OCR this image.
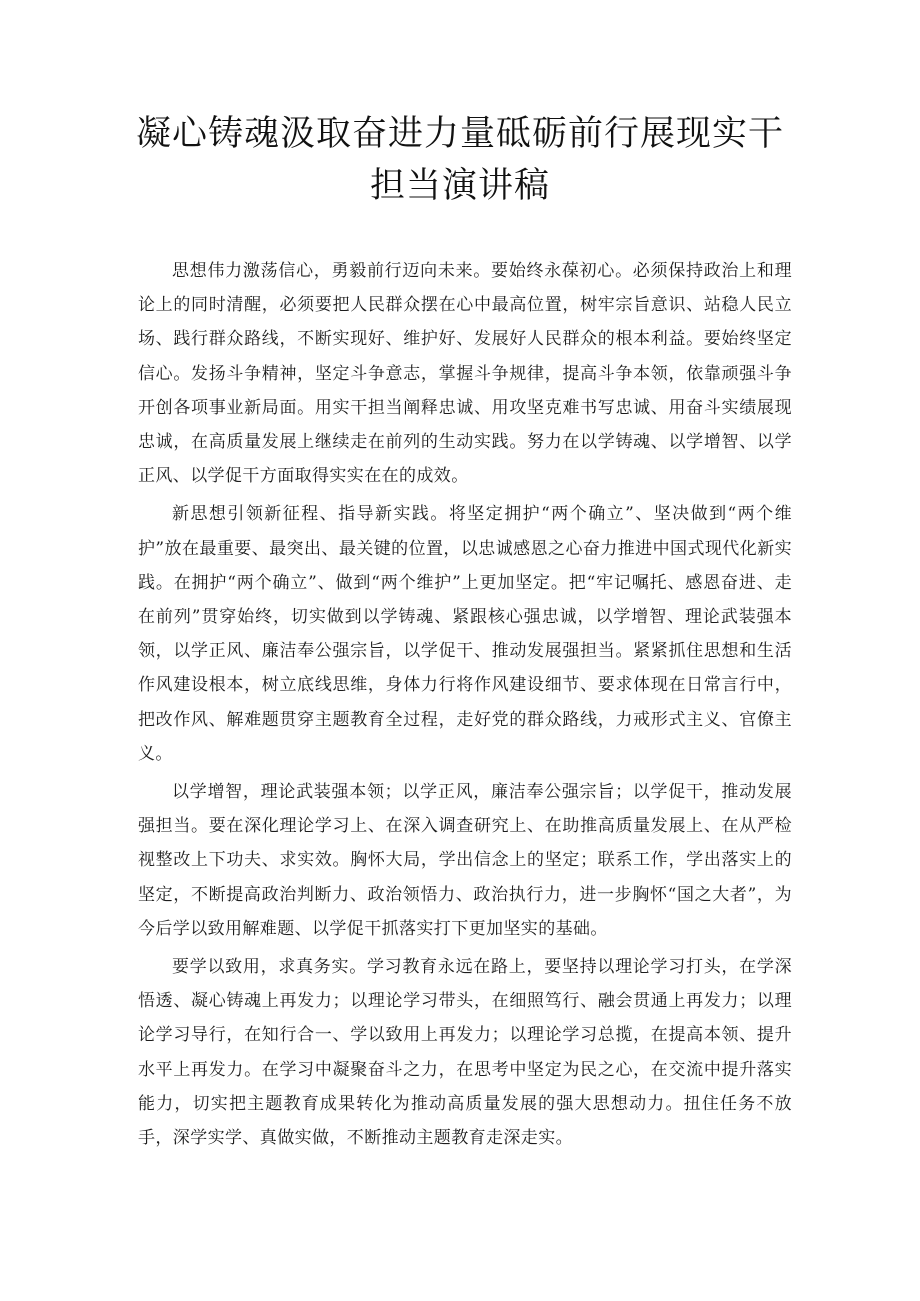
凝心铸魂汲取奋进力量砥砺前行展现实干
担当演讲稿

思想伟力激荡信心，勇毅前行迈向未来。要始终永葆初心。必须保持政治上和理论上的同时清醒，必须要把人民群众摆在心中最高位置，树牢宗旨意识、站稳人民立场、践行群众路线，不断实现好、维护好、发展好人民群众的根本利益。要始终坚定信心。发扬斗争精神，坚定斗争意志，掌握斗争规律，提高斗争本领，依靠顽强斗争开创各项事业新局面。用实干担当阐释忠诚、用攻坚克难书写忠诚、用奋斗实绩展现忠诚，在高质量发展上继续走在前列的生动实践。努力在以学铸魂、以学增智、以学正风、以学促干方面取得实实在在的成效。

新思想引领新征程、指导新实践。将坚定拥护“两个确立”、坚决做到“两个维护”放在最重要、最突出、最关键的位置，以忠诚感恩之心奋力推进中国式现代化新实践。在拥护“两个确立”、做到“两个维护”上更加坚定。把“牢记嘱托、感恩奋进、走在前列”贯穿始终，切实做到以学铸魂、紧跟核心强忠诚，以学增智、理论武装强本领，以学正风、廉洁奉公强宗旨，以学促干、推动发展强担当。紧紧抓住思想和生活作风建设根本，树立底线思维，身体力行将作风建设细节、要求体现在日常言行中，把改作风、解难题贯穿主题教育全过程，走好党的群众路线，力戒形式主义、官僚主义。

以学增智，理论武装强本领；以学正风，廉洁奉公强宗旨；以学促干，推动发展强担当。要在深化理论学习上、在深入调查研究上、在助推高质量发展上、在从严检视整改上下功夫、求实效。胸怀大局，学出信念上的坚定；联系工作，学出落实上的坚定，不断提高政治判断力、政治领悟力、政治执行力，进一步胸怀“国之大者”，为今后学以致用解难题、以学促干抓落实打下更加坚实的基础。

要学以致用，求真务实。学习教育永远在路上，要坚持以理论学习打头，在学深悟透、凝心铸魂上再发力；以理论学习带头，在细照笃行、融会贯通上再发力；以理论学习导行，在知行合一、学以致用上再发力；以理论学习总揽，在提高本领、提升水平上再发力。在学习中凝聚奋斗之力，在思考中坚定为民之心，在交流中提升落实能力，切实把主题教育成果转化为推动高质量发展的强大思想动力。扭住任务不放手，深学实学、真做实做，不断推动主题教育走深走实。
